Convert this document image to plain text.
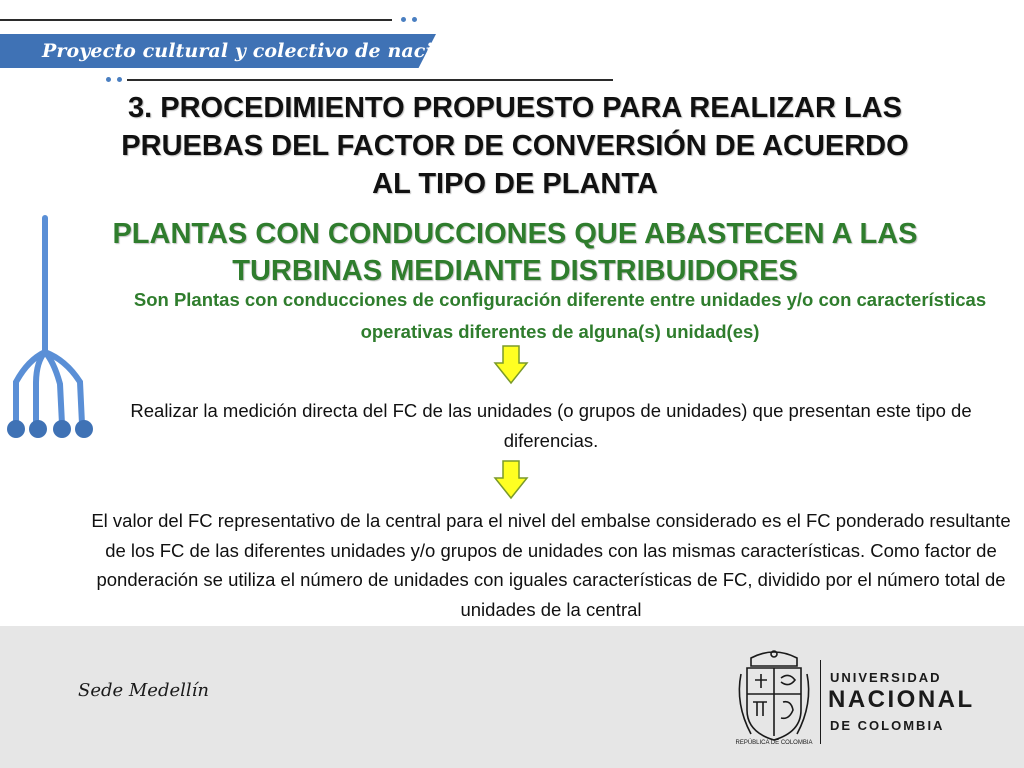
Proyecto cultural y colectivo de nación
3. PROCEDIMIENTO PROPUESTO PARA REALIZAR LAS
PRUEBAS DEL FACTOR DE CONVERSIÓN DE ACUERDO
AL TIPO DE PLANTA
PLANTAS CON CONDUCCIONES QUE ABASTECEN A LAS
TURBINAS MEDIANTE DISTRIBUIDORES
Son Plantas con conducciones de configuración diferente entre unidades y/o con características operativas diferentes de alguna(s) unidad(es)
Realizar la medición directa del FC de las unidades (o grupos de unidades) que presentan este tipo de diferencias.
El valor del FC representativo de la central para el nivel del embalse considerado es el FC ponderado resultante de los FC de las diferentes unidades y/o grupos de unidades con las mismas características. Como factor de ponderación se utiliza el número de unidades con iguales características de FC, dividido por el número total de unidades de la central
Sede Medellín
REPÚBLICA DE COLOMBIA
UNIVERSIDAD
NACIONAL
DE COLOMBIA
